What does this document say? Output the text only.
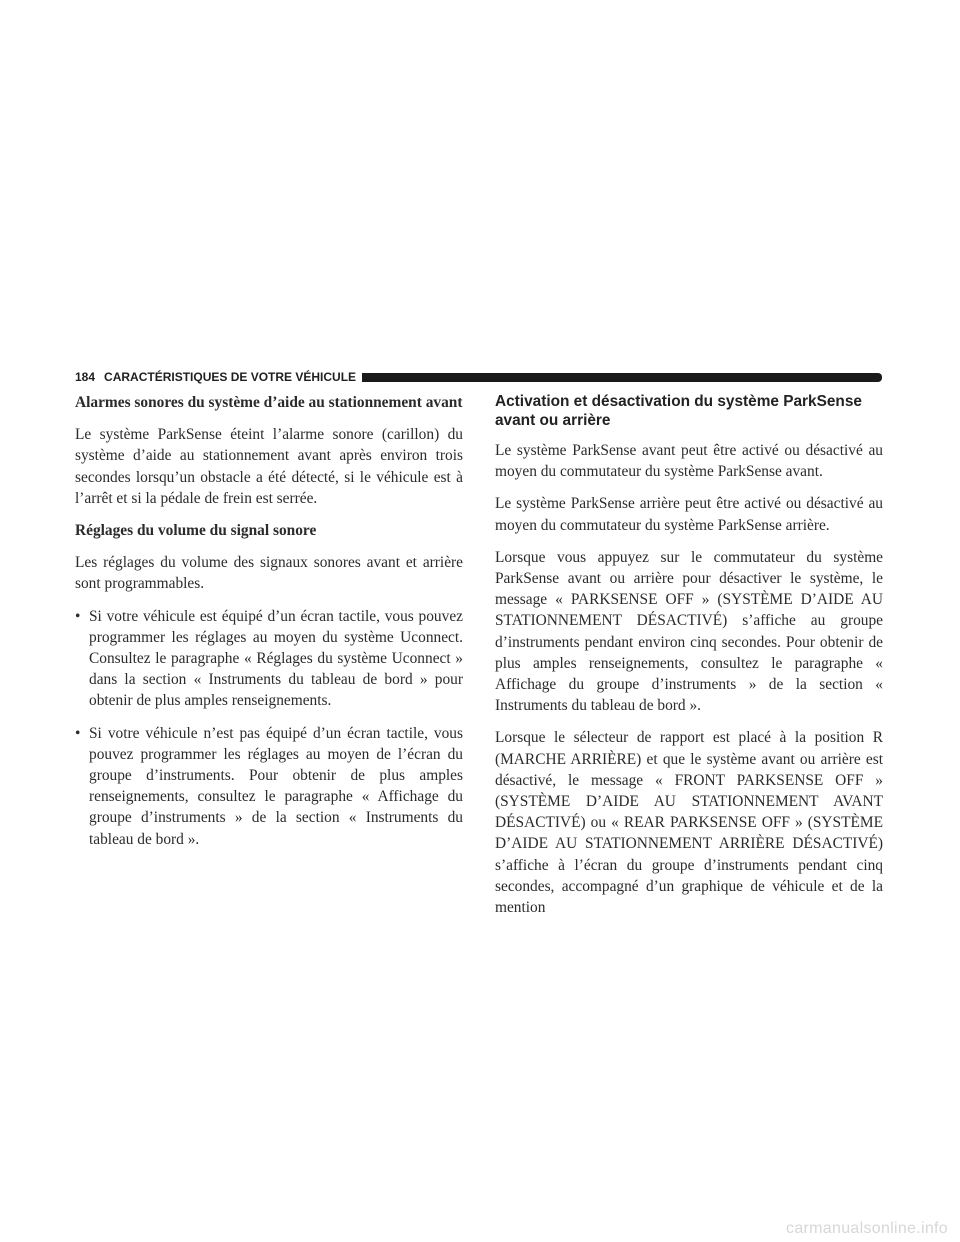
184 CARACTÉRISTIQUES DE VOTRE VÉHICULE
Alarmes sonores du système d’aide au stationnement avant

Le système ParkSense éteint l’alarme sonore (carillon) du système d’aide au stationnement avant après environ trois secondes lorsqu’un obstacle a été détecté, si le véhicule est à l’arrêt et si la pédale de frein est serrée.

Réglages du volume du signal sonore

Les réglages du volume des signaux sonores avant et arrière sont programmables.

• Si votre véhicule est équipé d’un écran tactile, vous pouvez programmer les réglages au moyen du système Uconnect. Consultez le paragraphe « Réglages du système Uconnect » dans la section « Instruments du tableau de bord » pour obtenir de plus amples renseignements.
• Si votre véhicule n’est pas équipé d’un écran tactile, vous pouvez programmer les réglages au moyen de l’écran du groupe d’instruments. Pour obtenir de plus amples renseignements, consultez le paragraphe « Affichage du groupe d’instruments » de la section « Instruments du tableau de bord ».
Activation et désactivation du système ParkSense avant ou arrière

Le système ParkSense avant peut être activé ou désactivé au moyen du commutateur du système ParkSense avant.

Le système ParkSense arrière peut être activé ou désactivé au moyen du commutateur du système ParkSense arrière.

Lorsque vous appuyez sur le commutateur du système ParkSense avant ou arrière pour désactiver le système, le message « PARKSENSE OFF » (SYSTÈME D’AIDE AU STATIONNEMENT DÉSACTIVÉ) s’affiche au groupe d’instruments pendant environ cinq secondes. Pour obtenir de plus amples renseignements, consultez le paragraphe « Affichage du groupe d’instruments » de la section « Instruments du tableau de bord ».

Lorsque le sélecteur de rapport est placé à la position R (MARCHE ARRIÈRE) et que le système avant ou arrière est désactivé, le message « FRONT PARKSENSE OFF » (SYSTÈME D’AIDE AU STATIONNEMENT AVANT DÉSACTIVÉ) ou « REAR PARKSENSE OFF » (SYSTÈME D’AIDE AU STATIONNEMENT ARRIÈRE DÉSACTIVÉ) s’affiche à l’écran du groupe d’instruments pendant cinq secondes, accompagné d’un graphique de véhicule et de la mention

carmanualsonline.info
